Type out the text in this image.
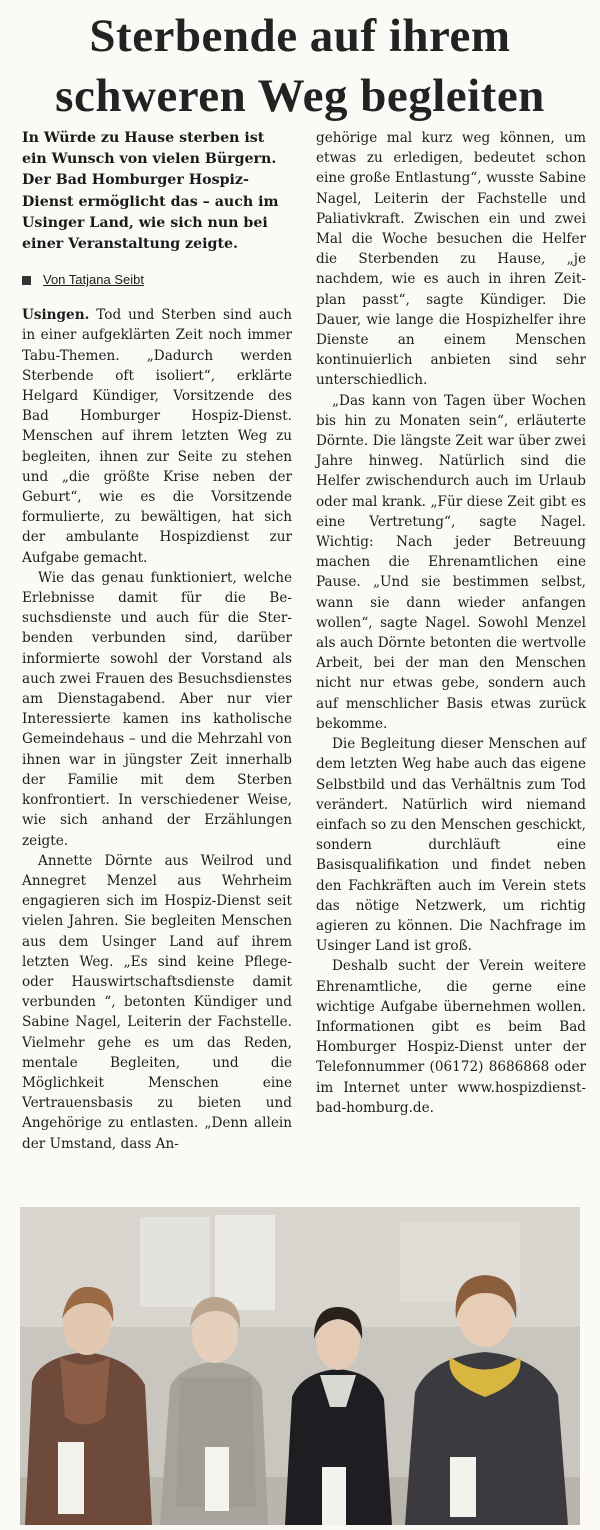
Sterbende auf ihrem
schweren Weg begleiten

In Würde zu Hause sterben ist ein Wunsch von vielen Bürgern. Der Bad Homburger Hospiz-Dienst ermöglicht das – auch im Usinger Land, wie sich nun bei einer Veranstaltung zeigte.

Von Tatjana Seibt

Usingen. Tod und Sterben sind auch in einer aufgeklärten Zeit noch immer Tabu-Themen. „Dadurch werden Sterbende oft isoliert“, erklärte Helgard Kündiger, Vorsitzende des Bad Homburger Hospiz-Dienst. Menschen auf ihrem letzten Weg zu begleiten, ihnen zur Seite zu stehen und „die größte Krise neben der Geburt“, wie es die Vorsitzende formulierte, zu bewältigen, hat sich der ambulante Hospizdienst zur Aufgabe gemacht.

Wie das genau funktioniert, welche Erlebnisse damit für die Besuchsdienste und auch für die Sterbenden verbunden sind, darüber informierte sowohl der Vorstand als auch zwei Frauen des Besuchsdienstes am Dienstagabend. Aber nur vier Interessierte kamen ins katholische Gemeindehaus – und die Mehrzahl von ihnen war in jüngster Zeit innerhalb der Familie mit dem Sterben konfrontiert. In verschiedener Weise, wie sich anhand der Erzählungen zeigte.

Annette Dörnte aus Weilrod und Annegret Menzel aus Wehrheim engagieren sich im Hospiz-Dienst seit vielen Jahren. Sie begleiten Menschen aus dem Usinger Land auf ihrem letzten Weg. „Es sind keine Pflege- oder Hauswirtschaftsdienste damit verbunden “, betonten Kündiger und Sabine Nagel, Leiterin der Fachstelle. Vielmehr gehe es um das Reden, mentale Begleiten, und die Möglichkeit Menschen eine Vertrauensbasis zu bieten und Angehörige zu entlasten. „Denn allein der Umstand, dass An-

gehörige mal kurz weg können, um etwas zu erledigen, bedeutet schon eine große Entlastung“, wusste Sabine Nagel, Leiterin der Fachstelle und Paliativkraft. Zwischen ein und zwei Mal die Woche besuchen die Helfer die Sterbenden zu Hause, „je nachdem, wie es auch in ihren Zeitplan passt“, sagte Kündiger. Die Dauer, wie lange die Hospizhelfer ihre Dienste an einem Menschen kontinuierlich anbieten sind sehr unterschiedlich.

„Das kann von Tagen über Wochen bis hin zu Monaten sein“, erläuterte Dörnte. Die längste Zeit war über zwei Jahre hinweg. Natürlich sind die Helfer zwischendurch auch im Urlaub oder mal krank. „Für diese Zeit gibt es eine Vertretung“, sagte Nagel. Wichtig: Nach jeder Betreuung machen die Ehrenamtlichen eine Pause. „Und sie bestimmen selbst, wann sie dann wieder anfangen wollen“, sagte Nagel. Sowohl Menzel als auch Dörnte betonten die wertvolle Arbeit, bei der man den Menschen nicht nur etwas gebe, sondern auch auf menschlicher Basis etwas zurück bekomme.

Die Begleitung dieser Menschen auf dem letzten Weg habe auch das eigene Selbstbild und das Verhältnis zum Tod verändert. Natürlich wird niemand einfach so zu den Menschen geschickt, sondern durchläuft eine Basisqualifikation und findet neben den Fachkräften auch im Verein stets das nötige Netzwerk, um richtig agieren zu können. Die Nachfrage im Usinger Land ist groß.

Deshalb sucht der Verein weitere Ehrenamtliche, die gerne eine wichtige Aufgabe übernehmen wollen. Informationen gibt es beim Bad Homburger Hospiz-Dienst unter der Telefonnummer (06172) 8686868 oder im Internet unter www.hospizdienst-bad-homburg.de.
